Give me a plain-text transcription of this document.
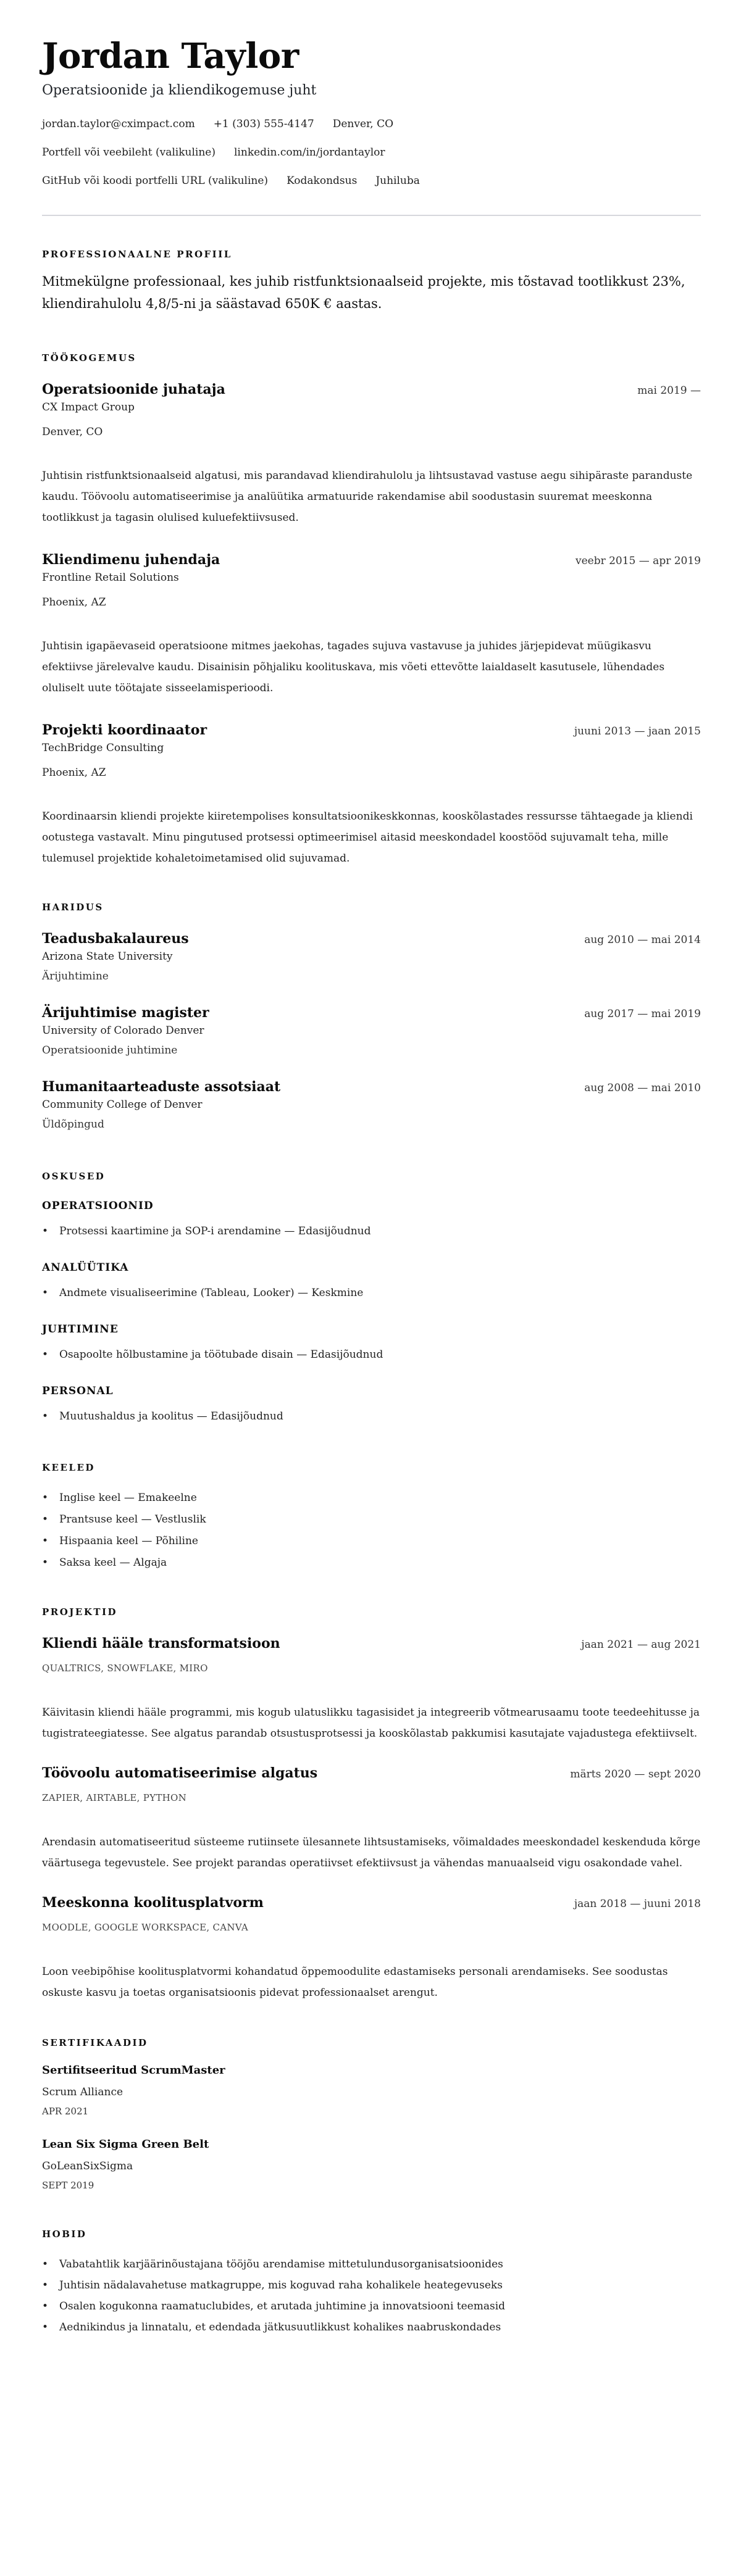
Jordan Taylor
Operatsioonide ja kliendikogemuse juht
jordan.taylor@cximpact.com +1 (303) 555-4147 Denver, CO
Portfell või veebileht (valikuline) linkedin.com/in/jordantaylor
GitHub või koodi portfelli URL (valikuline) Kodakondsus Juhiluba
PROFESSIONAALNE PROFIIL

Mitmekülgne professionaal, kes juhib ristfunktsionaalseid projekte, mis tõstavad tootlikkust 23%, kliendirahulolu 4,8/5-ni ja säästavad 650K € aastas.

TÖÖKOGEMUS
Operatsioonide juhataja	mai 2019 —
CX Impact Group
Denver, CO

Juhtisin ristfunktsionaalseid algatusi, mis parandavad kliendirahulolu ja lihtsustavad vastuse aegu sihipäraste paranduste kaudu. Töövoolu automatiseerimise ja analüütika armatuuride rakendamise abil soodustasin suuremat meeskonna tootlikkust ja tagasin olulised kuluefektiivsused.

Kliendimenu juhendaja	veebr 2015 — apr 2019
Frontline Retail Solutions
Phoenix, AZ

Juhtisin igapäevaseid operatsioone mitmes jaekohas, tagades sujuva vastavuse ja juhides järjepidevat müügikasvu efektiivse järelevalve kaudu. Disainisin põhjaliku koolituskava, mis võeti ettevõtte laialdaselt kasutusele, lühendades oluliselt uute töötajate sisseelamisperioodi.

Projekti koordinaator	juuni 2013 — jaan 2015
TechBridge Consulting
Phoenix, AZ

Koordinaarsin kliendi projekte kiiretempolises konsultatsioonikeskkonnas, kooskõlastades ressursse tähtaegade ja kliendi ootustega vastavalt. Minu pingutused protsessi optimeerimisel aitasid meeskondadel koostööd sujuvamalt teha, mille tulemusel projektide kohaletoimetamised olid sujuvamad.

HARIDUS
Teadusbakalaureus	aug 2010 — mai 2014
Arizona State University
Ärijuhtimine
Ärijuhtimise magister	aug 2017 — mai 2019
University of Colorado Denver
Operatsioonide juhtimine
Humanitaarteaduste assotsiaat	aug 2008 — mai 2010
Community College of Denver
Üldõpingud
OSKUSED
OPERATSIOONID
• Protsessi kaartimine ja SOP-i arendamine — Edasijõudnud
ANALÜÜTIKA
• Andmete visualiseerimine (Tableau, Looker) — Keskmine
JUHTIMINE
• Osapoolte hõlbustamine ja töötubade disain — Edasijõudnud
PERSONAL
• Muutushaldus ja koolitus — Edasijõudnud
KEELED
• Inglise keel — Emakeelne
• Prantsuse keel — Vestluslik
• Hispaania keel — Põhiline
• Saksa keel — Algaja
PROJEKTID
Kliendi hääle transformatsioon	jaan 2021 — aug 2021
QUALTRICS, SNOWFLAKE, MIRO

Käivitasin kliendi hääle programmi, mis kogub ulatuslikku tagasisidet ja integreerib võtmearusaamu toote teedeehitusse ja tugistrateegiatesse. See algatus parandab otsustusprotsessi ja kooskõlastab pakkumisi kasutajate vajadustega efektiivselt.

Töövoolu automatiseerimise algatus	märts 2020 — sept 2020
ZAPIER, AIRTABLE, PYTHON

Arendasin automatiseeritud süsteeme rutiinsete ülesannete lihtsustamiseks, võimaldades meeskondadel keskenduda kõrge väärtusega tegevustele. See projekt parandas operatiivset efektiivsust ja vähendas manuaalseid vigu osakondade vahel.

Meeskonna koolitusplatvorm	jaan 2018 — juuni 2018
MOODLE, GOOGLE WORKSPACE, CANVA

Loon veebipõhise koolitusplatvormi kohandatud õppemoodulite edastamiseks personali arendamiseks. See soodustas oskuste kasvu ja toetas organisatsioonis pidevat professionaalset arengut.

SERTIFIKAADID
Sertifitseeritud ScrumMaster
Scrum Alliance
APR 2021
Lean Six Sigma Green Belt
GoLeanSixSigma
SEPT 2019
HOBID
• Vabatahtlik karjäärinõustajana tööjõu arendamise mittetulundusorganisatsioonides
• Juhtisin nädalavahetuse matkagruppe, mis koguvad raha kohalikele heategevuseks
• Osalen kogukonna raamatuclubides, et arutada juhtimine ja innovatsiooni teemasid
• Aednikindus ja linnatalu, et edendada jätkusuutlikkust kohalikes naabruskondades
